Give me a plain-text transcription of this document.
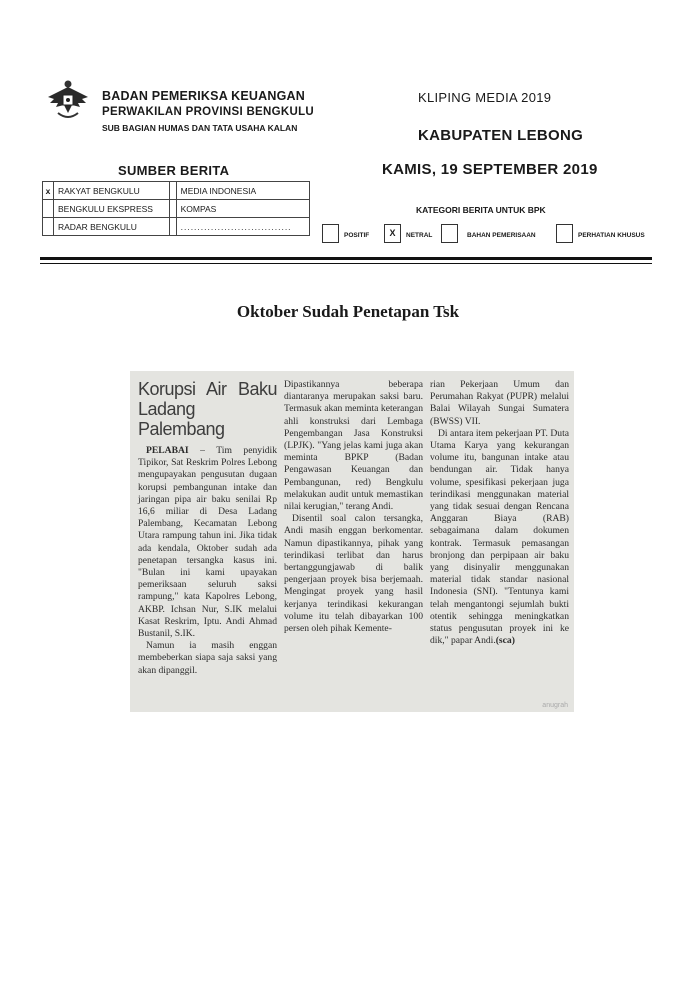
BADAN PEMERIKSA KEUANGAN
PERWAKILAN PROVINSI BENGKULU
SUB BAGIAN HUMAS DAN TATA USAHA KALAN
KLIPING MEDIA 2019
KABUPATEN LEBONG
KAMIS, 19 SEPTEMBER 2019
SUMBER BERITA
x	RAKYAT BENGKULU		MEDIA INDONESIA
	BENGKULU EKSPRESS		KOMPAS
	RADAR BENGKULU		.................................
KATEGORI BERITA UNTUK BPK
POSITIF	X	NETRAL	BAHAN PEMERISAAN	PERHATIAN KHUSUS
Oktober Sudah Penetapan Tsk
Korupsi Air Baku Ladang Palembang

PELABAI – Tim penyidik Tipikor, Sat Reskrim Polres Lebong mengupayakan pengusutan dugaan korupsi pembangunan intake dan jaringan pipa air baku senilai Rp 16,6 miliar di Desa Ladang Palembang, Kecamatan Lebong Utara rampung tahun ini. Jika tidak ada kendala, Oktober sudah ada penetapan tersangka kasus ini. "Bulan ini kami upayakan pemeriksaan seluruh saksi rampung," kata Kapolres Lebong, AKBP. Ichsan Nur, S.IK melalui Kasat Reskrim, Iptu. Andi Ahmad Bustanil, S.IK.

Namun ia masih enggan membeberkan siapa saja saksi yang akan dipanggil.

Dipastikannya beberapa diantaranya merupakan saksi baru. Termasuk akan meminta keterangan ahli konstruksi dari Lembaga Pengembangan Jasa Konstruksi (LPJK). "Yang jelas kami juga akan meminta BPKP (Badan Pengawasan Keuangan dan Pembangunan, red) Bengkulu melakukan audit untuk memastikan nilai kerugian," terang Andi.

Disentil soal calon tersangka, Andi masih enggan berkomentar. Namun dipastikannya, pihak yang terindikasi terlibat dan harus bertanggungjawab di balik pengerjaan proyek bisa berjemaah. Mengingat proyek yang hasil kerjanya terindikasi kekurangan volume itu telah dibayarkan 100 persen oleh pihak Kemente-

rian Pekerjaan Umum dan Perumahan Rakyat (PUPR) melalui Balai Wilayah Sungai Sumatera (BWSS) VII.

Di antara item pekerjaan PT. Duta Utama Karya yang kekurangan volume itu, bangunan intake atau bendungan air. Tidak hanya volume, spesifikasi pekerjaan juga terindikasi menggunakan material yang tidak sesuai dengan Rencana Anggaran Biaya (RAB) sebagaimana dalam dokumen kontrak. Termasuk pemasangan bronjong dan perpipaan air baku yang disinyalir menggunakan material tidak standar nasional Indonesia (SNI). "Tentunya kami telah mengantongi sejumlah bukti otentik sehingga meningkatkan status pengusutan proyek ini ke dik," papar Andi.(sca)

anugrah
